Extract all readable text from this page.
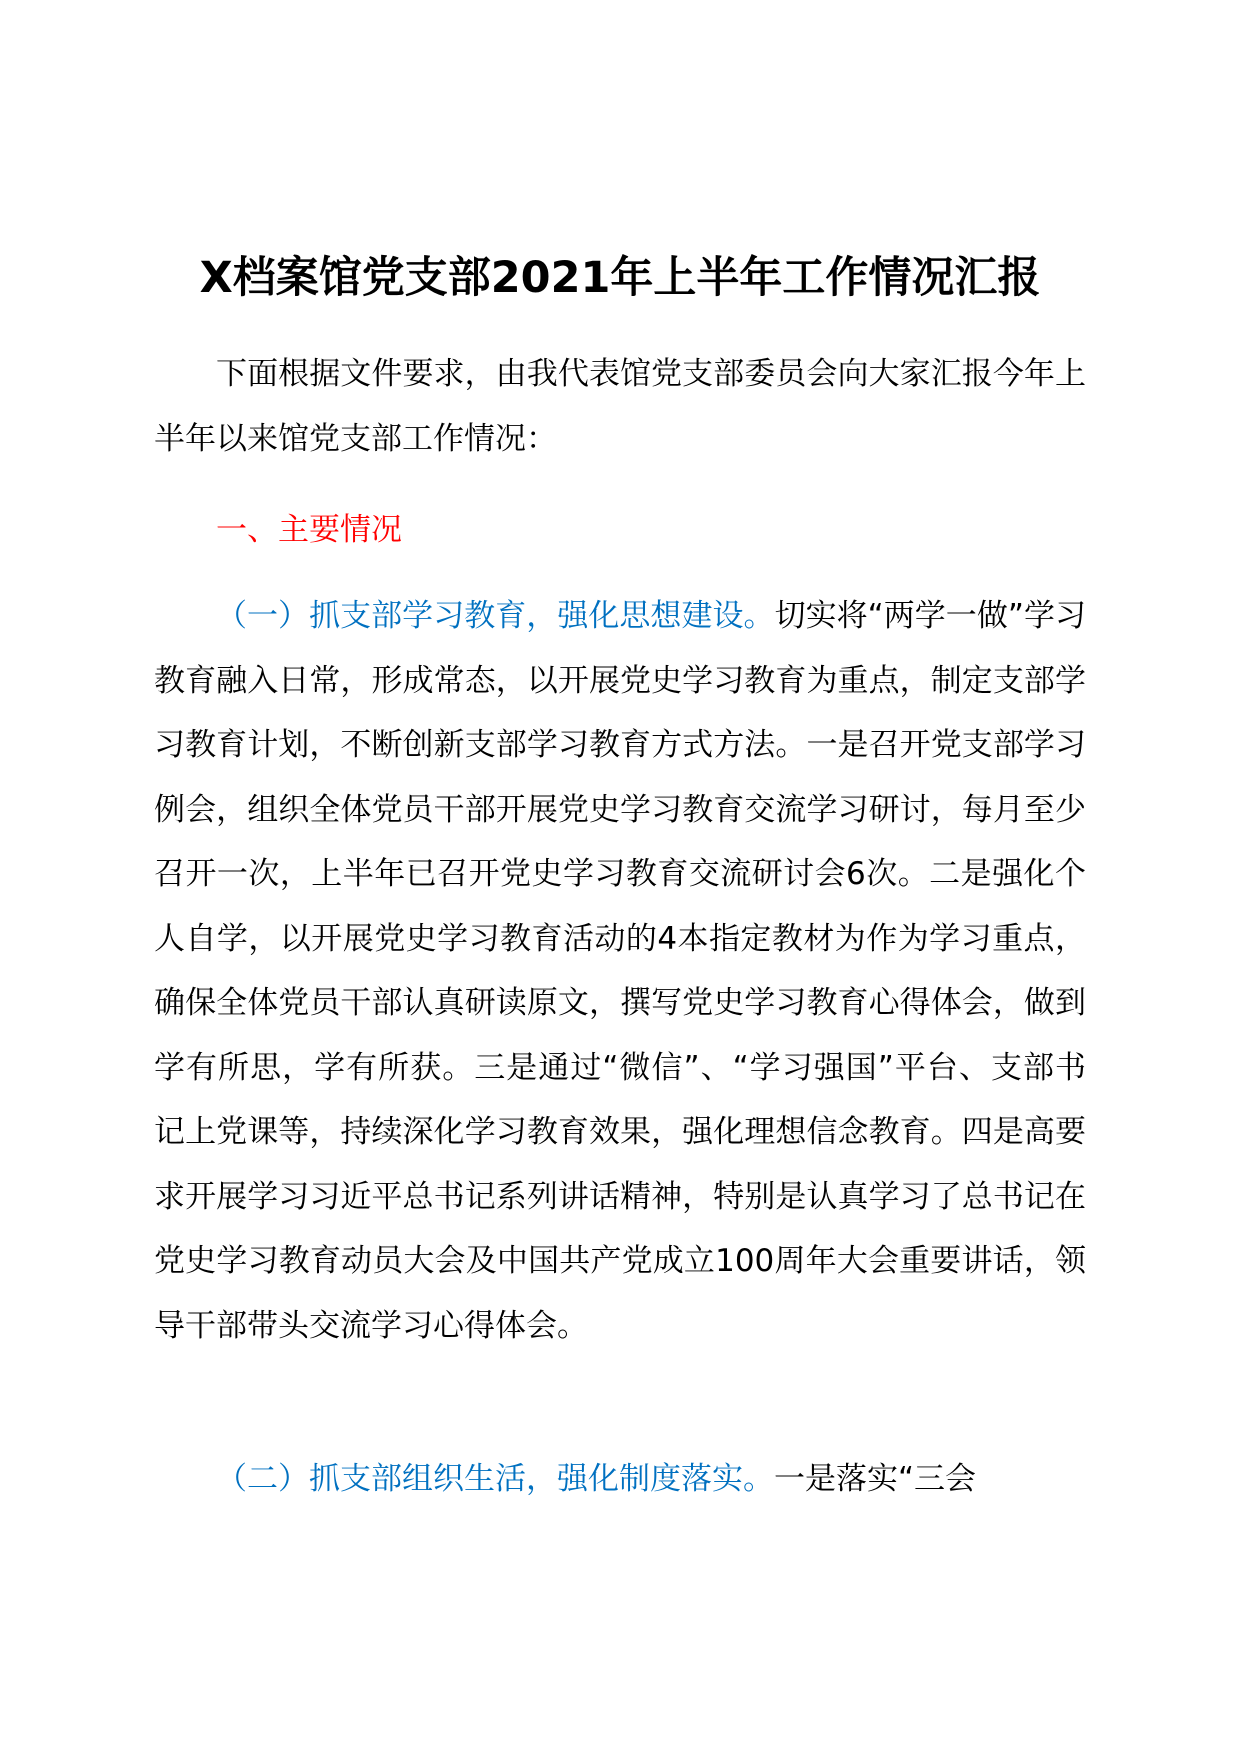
X档案馆党支部2021年上半年工作情况汇报

下面根据文件要求，由我代表馆党支部委员会向大家汇报今年上半年以来馆党支部工作情况：

一、主要情况

（一）抓支部学习教育，强化思想建设。切实将“两学一做”学习教育融入日常，形成常态，以开展党史学习教育为重点，制定支部学习教育计划，不断创新支部学习教育方式方法。一是召开党支部学习例会，组织全体党员干部开展党史学习教育交流学习研讨，每月至少召开一次，上半年已召开党史学习教育交流研讨会6次。二是强化个人自学，以开展党史学习教育活动的4本指定教材为作为学习重点，确保全体党员干部认真研读原文，撰写党史学习教育心得体会，做到学有所思，学有所获。三是通过“微信”、“学习强国”平台、支部书记上党课等，持续深化学习教育效果，强化理想信念教育。四是高要求开展学习习近平总书记系列讲话精神，特别是认真学习了总书记在党史学习教育动员大会及中国共产党成立100周年大会重要讲话，领导干部带头交流学习心得体会。

（二）抓支部组织生活，强化制度落实。一是落实“三会
